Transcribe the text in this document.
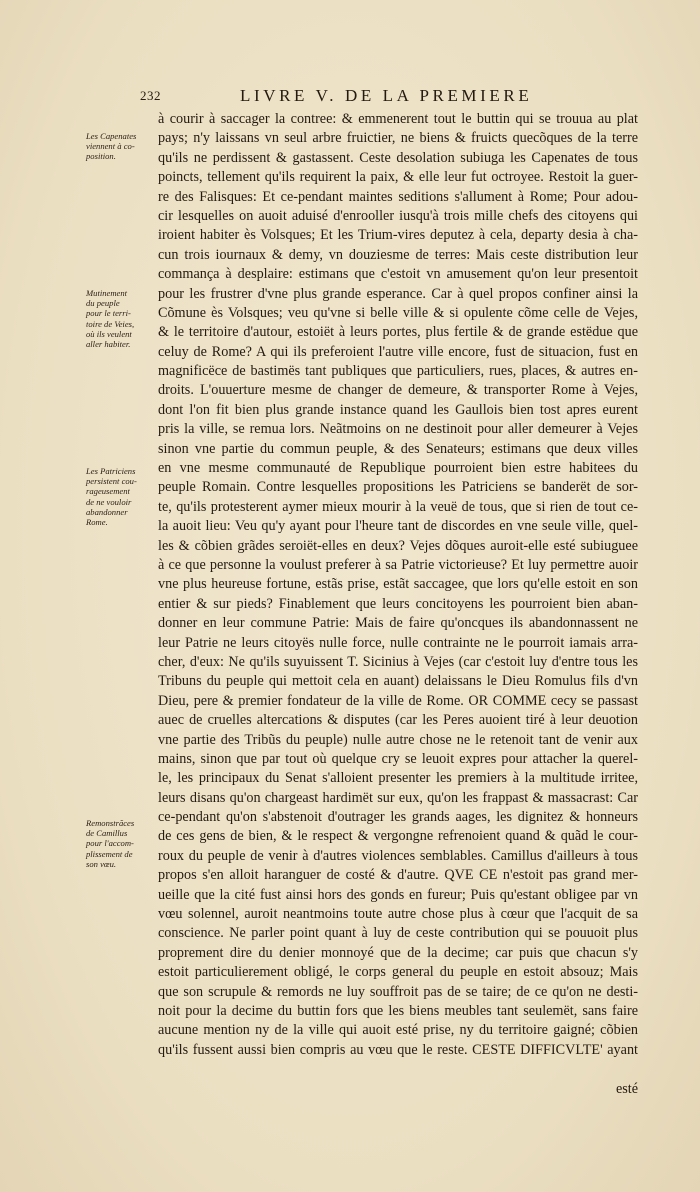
232	LIVRE V. DE LA PREMIERE
Les Capenates
viennent à co-
position.
Mutinement
du peuple
pour le terri-
toire de Veies,
où ils veulent
aller habiter.
Les Patriciens
persistent cou-
rageusement
de ne vouloir
abandonner
Rome.
Remonstrãces
de Camillus
pour l'accom-
plissement de
son vœu.
à courir à saccager la contree: & emmenerent tout le buttin qui se trouua au plat
pays; n'y laissans vn seul arbre fruictier, ne biens & fruicts quecõques de la terre
qu'ils ne perdissent & gastassent. Ceste desolation subiuga les Capenates de tous
poincts, tellement qu'ils requirent la paix, & elle leur fut octroyee. Restoit la guer-
re des Falisques: Et ce-pendant maintes seditions s'allument à Rome; Pour adou-
cir lesquelles on auoit aduisé d'enrooller iusqu'à trois mille chefs des citoyens qui
iroient habiter ès Volsques; Et les Trium-vires deputez à cela, departy desia à cha-
cun trois iournaux & demy, vn douziesme de terres: Mais ceste distribution leur
commança à desplaire: estimans que c'estoit vn amusement qu'on leur presentoit
pour les frustrer d'vne plus grande esperance. Car à quel propos confiner ainsi la
Cõmune ès Volsques; veu qu'vne si belle ville & si opulente cõme celle de Vejes,
& le territoire d'autour, estoiët à leurs portes, plus fertile & de grande estëdue que
celuy de Rome? A qui ils preferoient l'autre ville encore, fust de situacion, fust en
magnificëce de bastimës tant publiques que particuliers, rues, places, & autres en-
droits. L'ouuerture mesme de changer de demeure, & transporter Rome à Vejes,
dont l'on fit bien plus grande instance quand les Gaullois bien tost apres eurent
pris la ville, se remua lors. Neãtmoins on ne destinoit pour aller demeurer à Vejes
sinon vne partie du commun peuple, & des Senateurs; estimans que deux villes
en vne mesme communauté de Republique pourroient bien estre habitees du
peuple Romain. Contre lesquelles propositions les Patriciens se banderët de sor-
te, qu'ils protesterent aymer mieux mourir à la veuë de tous, que si rien de tout ce-
la auoit lieu: Veu qu'y ayant pour l'heure tant de discordes en vne seule ville, quel-
les & cõbien grãdes seroiët-elles en deux? Vejes dõques auroit-elle esté subiuguee
à ce que personne la voulust preferer à sa Patrie victorieuse? Et luy permettre auoir
vne plus heureuse fortune, estãs prise, estãt saccagee, que lors qu'elle estoit en son
entier & sur pieds? Finablement que leurs concitoyens les pourroient bien aban-
donner en leur commune Patrie: Mais de faire qu'oncques ils abandonnassent ne
leur Patrie ne leurs citoyës nulle force, nulle contrainte ne le pourroit iamais arra-
cher, d'eux: Ne qu'ils suyuissent T. Sicinius à Vejes (car c'estoit luy d'entre tous les
Tribuns du peuple qui mettoit cela en auant) delaissans le Dieu Romulus fils d'vn
Dieu, pere & premier fondateur de la ville de Rome. OR COMME cecy se passast
auec de cruelles altercations & disputes (car les Peres auoient tiré à leur deuotion
vne partie des Tribũs du peuple) nulle autre chose ne le retenoit tant de venir aux
mains, sinon que par tout où quelque cry se leuoit expres pour attacher la querel-
le, les principaux du Senat s'alloient presenter les premiers à la multitude irritee,
leurs disans qu'on chargeast hardimët sur eux, qu'on les frappast & massacrast: Car
ce-pendant qu'on s'abstenoit d'outrager les grands aages, les dignitez & honneurs
de ces gens de bien, & le respect & vergongne refrenoient quand & quãd le cour-
roux du peuple de venir à d'autres violences semblables. Camillus d'ailleurs à tous
propos s'en alloit haranguer de costé & d'autre. QVE CE n'estoit pas grand mer-
ueille que la cité fust ainsi hors des gonds en fureur; Puis qu'estant obligee par vn
vœu solennel, auroit neantmoins toute autre chose plus à cœur que l'acquit de sa
conscience. Ne parler point quant à luy de ceste contribution qui se pouuoit plus
proprement dire du denier monnoyé que de la decime; car puis que chacun s'y
estoit particulierement obligé, le corps general du peuple en estoit absouz; Mais
que son scrupule & remords ne luy souffroit pas de se taire; de ce qu'on ne desti-
noit pour la decime du buttin fors que les biens meubles tant seulemët, sans faire
aucune mention ny de la ville qui auoit esté prise, ny du territoire gaigné; cõbien
qu'ils fussent aussi bien compris au vœu que le reste. CESTE DIFFICVLTE' ayant
esté
